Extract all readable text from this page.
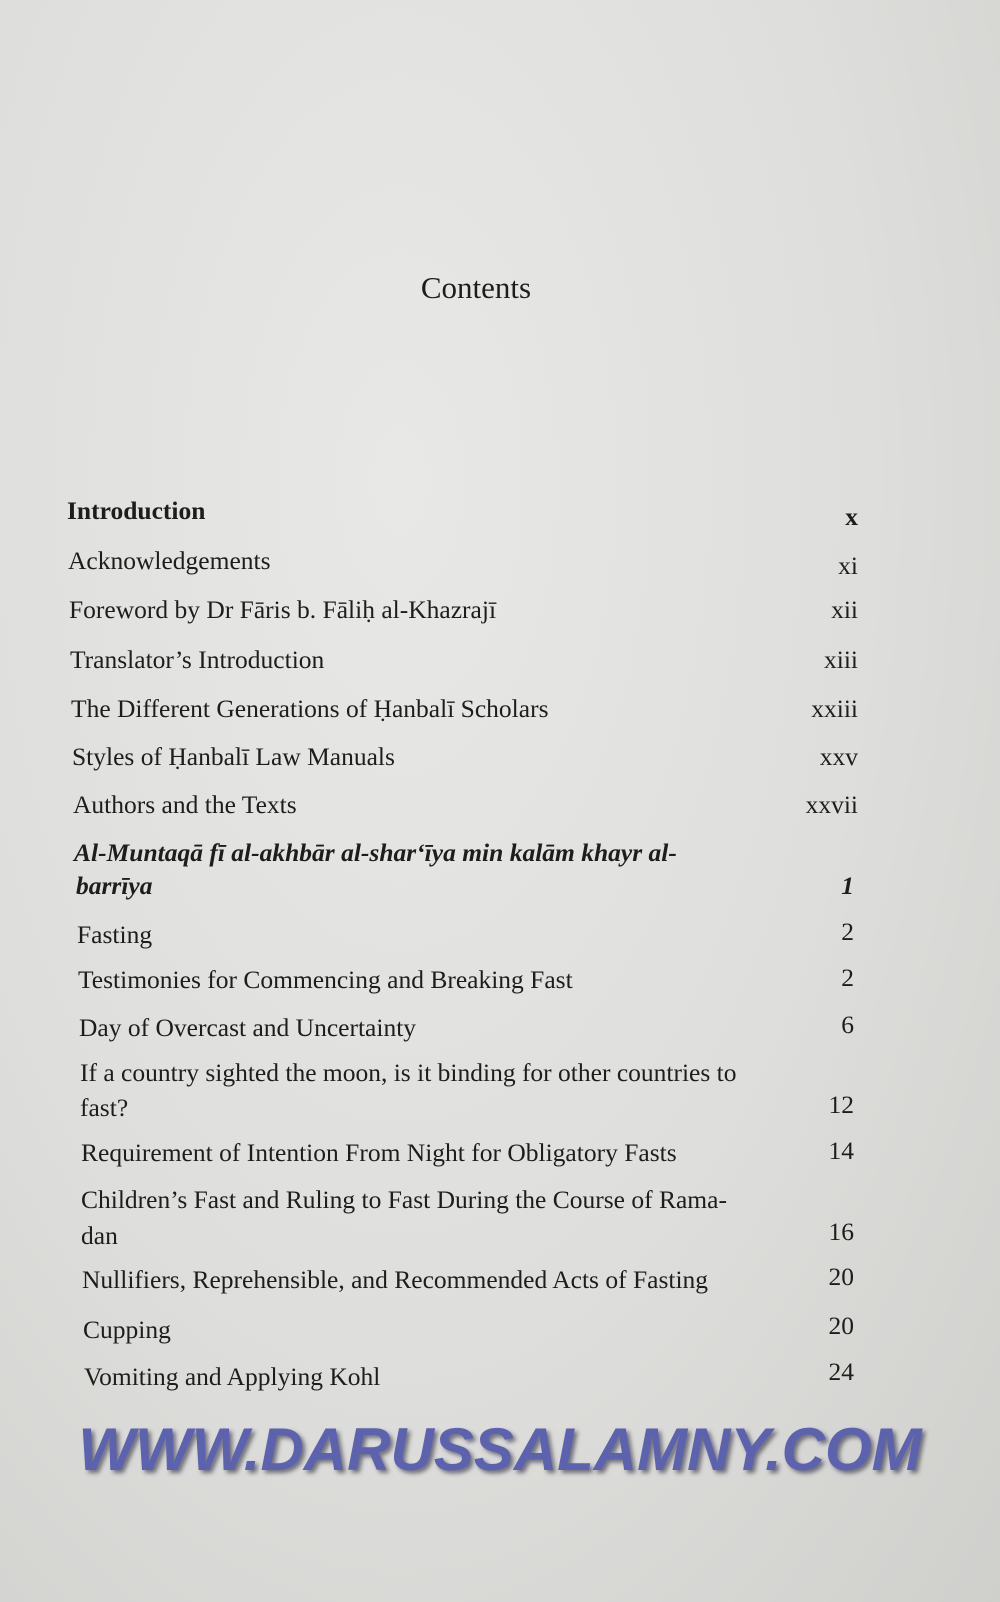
Contents
Introduction	x
Acknowledgements	xi
Foreword by Dr Fāris b. Fāliḥ al-Khazrajī	xii
Translator’s Introduction	xiii
The Different Generations of Ḥanbalī Scholars	xxiii
Styles of Ḥanbalī Law Manuals	xxv
Authors and the Texts	xxvii
Al-Muntaqā fī al-akhbār al-shar‘īya min kalām khayr al-
barrīya	1
Fasting	2
Testimonies for Commencing and Breaking Fast	2
Day of Overcast and Uncertainty	6
If a country sighted the moon, is it binding for other countries to
fast?	12
Requirement of Intention From Night for Obligatory Fasts	14
Children’s Fast and Ruling to Fast During the Course of Rama-
dan	16
Nullifiers, Reprehensible, and Recommended Acts of Fasting	20
Cupping	20
Vomiting and Applying Kohl	24
WWW.DARUSSALAMNY.COM
